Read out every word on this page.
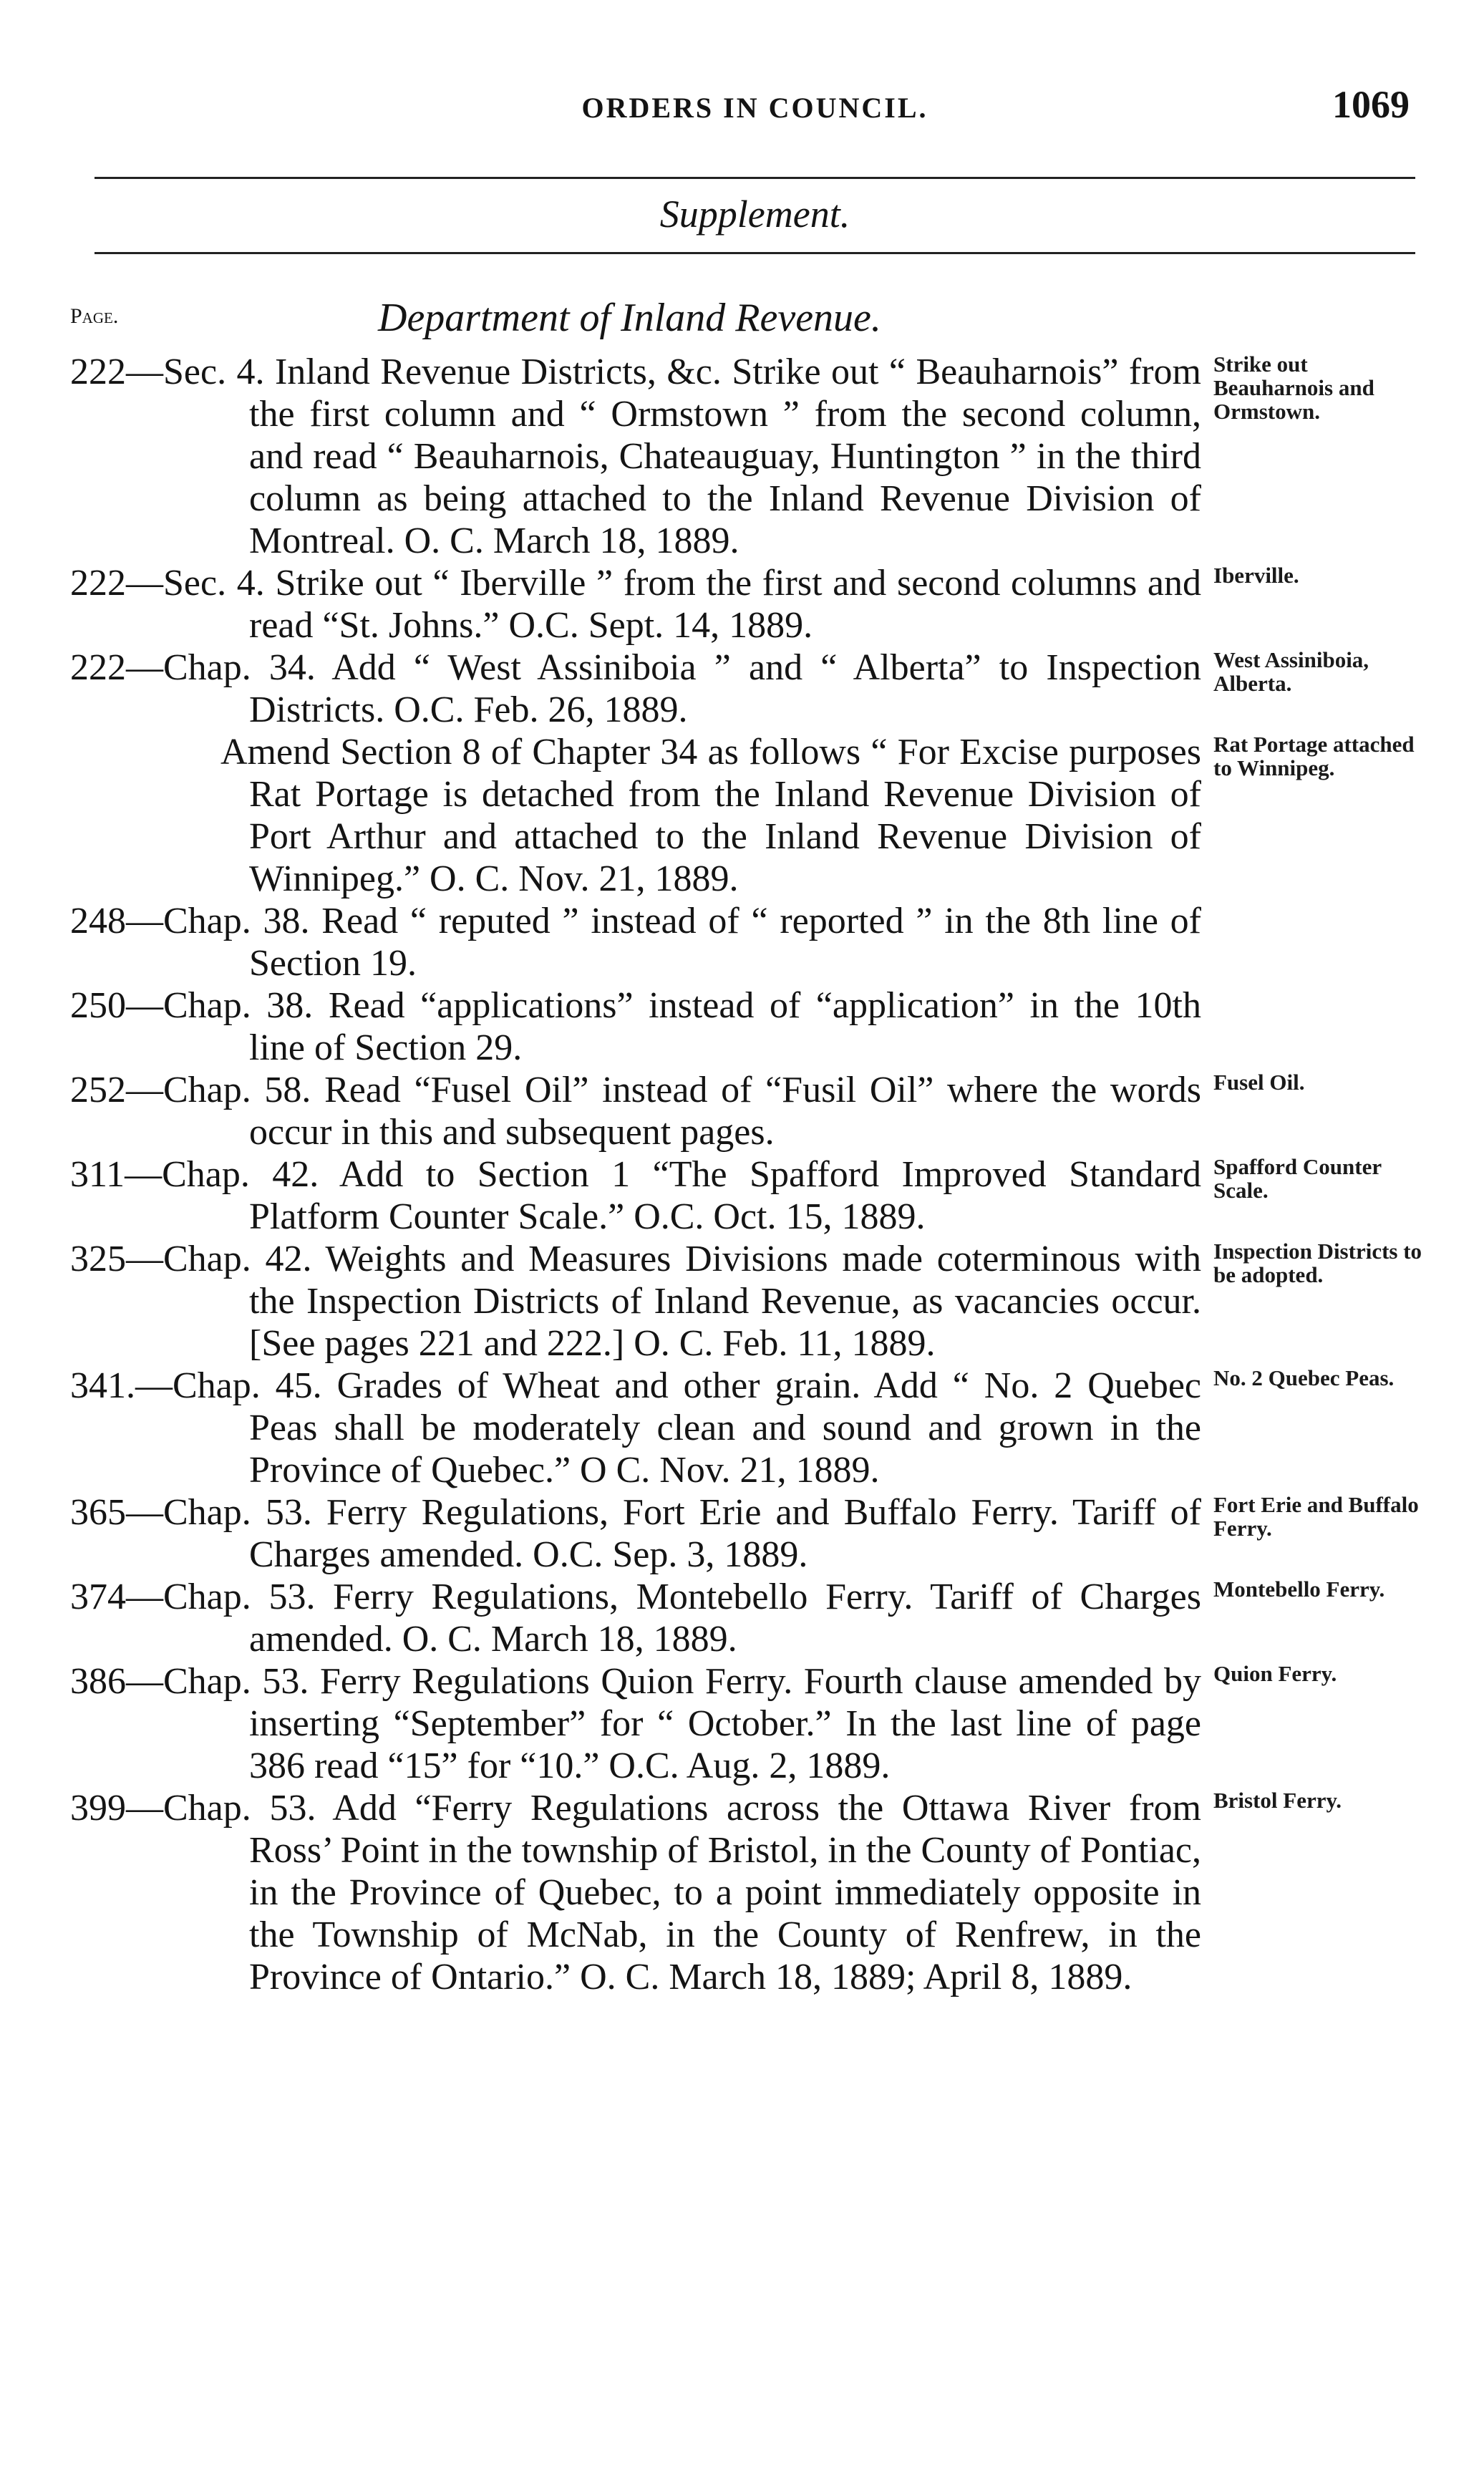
ORDERS IN COUNCIL.	1069
Supplement.
Page.	Department of Inland Revenue.
222—Sec. 4. Inland Revenue Districts, &c. Strike out “ Beauharnois” from the first column and “ Ormstown ” from the second column, and read “ Beauharnois, Chateauguay, Huntington ” in the third column as being attached to the Inland Revenue Division of Montreal. O. C. March 18, 1889.
Strike out Beauharnois and Ormstown.
222—Sec. 4. Strike out “ Iberville ” from the first and second columns and read “St. Johns.” O.C. Sept. 14, 1889.
Iberville.
222—Chap. 34. Add “ West Assiniboia ” and “ Alberta” to Inspection Districts. O.C. Feb. 26, 1889.
West Assiniboia, Alberta.
Amend Section 8 of Chapter 34 as follows “ For Excise purposes Rat Portage is detached from the Inland Revenue Division of Port Arthur and attached to the Inland Revenue Division of Winnipeg.” O. C. Nov. 21, 1889.
Rat Portage attached to Winnipeg.
248—Chap. 38. Read “ reputed ” instead of “ reported ” in the 8th line of Section 19.
250—Chap. 38. Read “applications” instead of “application” in the 10th line of Section 29.
252—Chap. 58. Read “Fusel Oil” instead of “Fusil Oil” where the words occur in this and subsequent pages.
Fusel Oil.
311—Chap. 42. Add to Section 1 “The Spafford Improved Standard Platform Counter Scale.” O.C. Oct. 15, 1889.
Spafford Counter Scale.
325—Chap. 42. Weights and Measures Divisions made coterminous with the Inspection Districts of Inland Revenue, as vacancies occur. [See pages 221 and 222.] O. C. Feb. 11, 1889.
Inspection Districts to be adopted.
341.—Chap. 45. Grades of Wheat and other grain. Add “ No. 2 Quebec Peas shall be moderately clean and sound and grown in the Province of Quebec.” O C. Nov. 21, 1889.
No. 2 Quebec Peas.
365—Chap. 53. Ferry Regulations, Fort Erie and Buffalo Ferry. Tariff of Charges amended. O.C. Sep. 3, 1889.
Fort Erie and Buffalo Ferry.
374—Chap. 53. Ferry Regulations, Montebello Ferry. Tariff of Charges amended. O. C. March 18, 1889.
Montebello Ferry.
386—Chap. 53. Ferry Regulations Quion Ferry. Fourth clause amended by inserting “September” for “ October.” In the last line of page 386 read “15” for “10.” O.C. Aug. 2, 1889.
Quion Ferry.
399—Chap. 53. Add “Ferry Regulations across the Ottawa River from Ross’ Point in the township of Bristol, in the County of Pontiac, in the Province of Quebec, to a point immediately opposite in the Township of McNab, in the County of Renfrew, in the Province of Ontario.” O. C. March 18, 1889; April 8, 1889.
Bristol Ferry.
